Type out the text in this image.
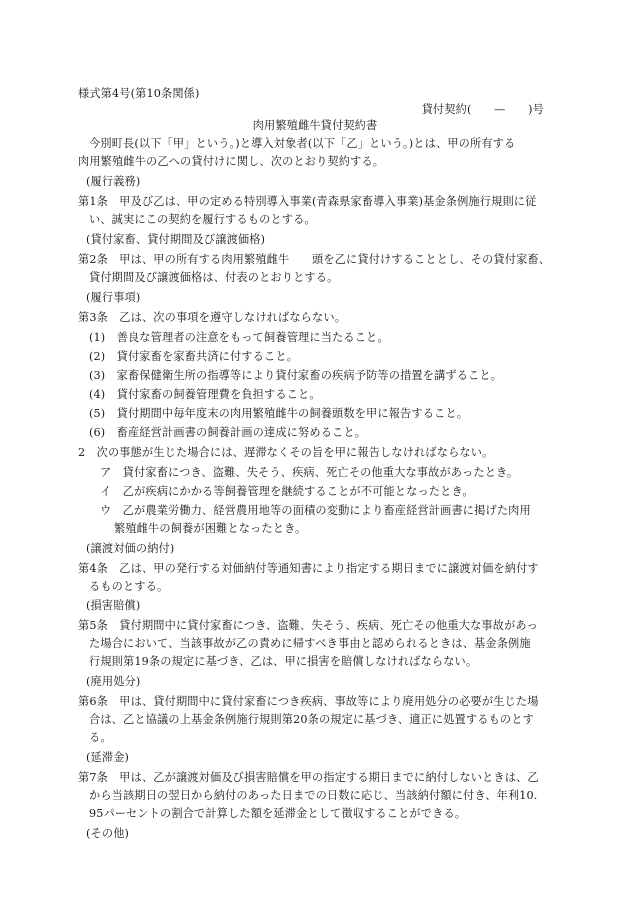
様式第4号(第10条関係)
貸付契約(　　—　　)号
肉用繁殖雌牛貸付契約書
今別町長(以下「甲」という。)と導入対象者(以下「乙」という。)とは、甲の所有する
肉用繁殖雌牛の乙への貸付けに関し、次のとおり契約する。
(履行義務)
第1条　甲及び乙は、甲の定める特別導入事業(青森県家畜導入事業)基金条例施行規則に従
い、誠実にこの契約を履行するものとする。
(貸付家畜、貸付期間及び譲渡価格)
第2条　甲は、甲の所有する肉用繁殖雌牛　　頭を乙に貸付けすることとし、その貸付家畜、
貸付期間及び譲渡価格は、付表のとおりとする。
(履行事項)
第3条　乙は、次の事項を遵守しなければならない。
(1)　善良な管理者の注意をもって飼養管理に当たること。
(2)　貸付家畜を家畜共済に付すること。
(3)　家畜保健衛生所の指導等により貸付家畜の疾病予防等の措置を講ずること。
(4)　貸付家畜の飼養管理費を負担すること。
(5)　貸付期間中毎年度末の肉用繁殖雌牛の飼養頭数を甲に報告すること。
(6)　畜産経営計画書の飼養計画の達成に努めること。
2　次の事態が生じた場合には、遅滞なくその旨を甲に報告しなければならない。
ア　貸付家畜につき、盗難、失そう、疾病、死亡その他重大な事故があったとき。
イ　乙が疾病にかかる等飼養管理を継続することが不可能となったとき。
ウ　乙が農業労働力、経営農用地等の面積の変動により畜産経営計画書に掲げた肉用
繁殖雌牛の飼養が困難となったとき。
(譲渡対価の納付)
第4条　乙は、甲の発行する対価納付等通知書により指定する期日までに譲渡対価を納付す
るものとする。
(損害賠償)
第5条　貸付期間中に貸付家畜につき、盗難、失そう、疾病、死亡その他重大な事故があっ
た場合において、当該事故が乙の責めに帰すべき事由と認められるときは、基金条例施
行規則第19条の規定に基づき、乙は、甲に損害を賠償しなければならない。
(廃用処分)
第6条　甲は、貸付期間中に貸付家畜につき疾病、事故等により廃用処分の必要が生じた場
合は、乙と協議の上基金条例施行規則第20条の規定に基づき、適正に処置するものとす
る。
(延滞金)
第7条　甲は、乙が譲渡対価及び損害賠償を甲の指定する期日までに納付しないときは、乙
から当該期日の翌日から納付のあった日までの日数に応じ、当該納付額に付き、年利10.
95パーセントの割合で計算した額を延滞金として徴収することができる。
(その他)
